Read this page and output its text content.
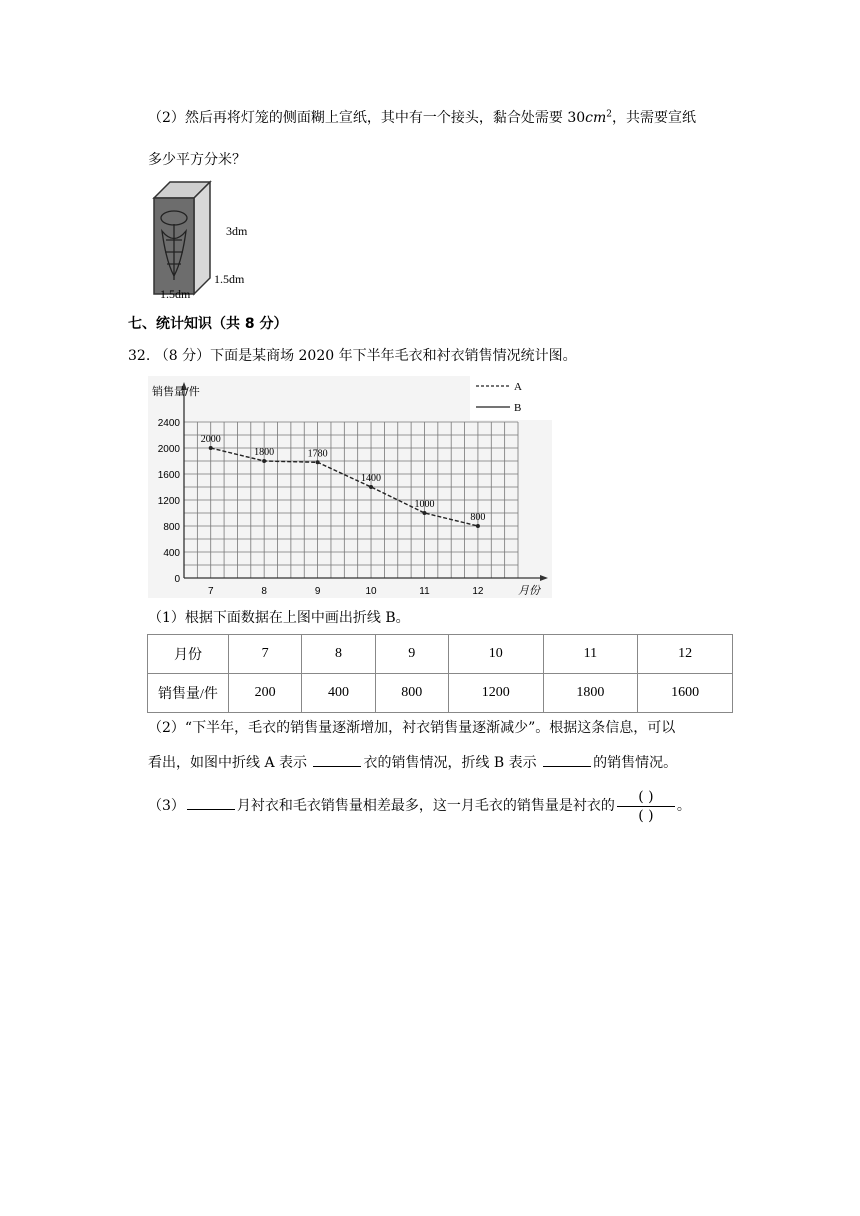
（2）然后再将灯笼的侧面糊上宣纸，其中有一个接头，黏合处需要 $30cm^2$，共需要宣纸
多少平方分米？
3dm
1.5dm
1.5dm
七、统计知识（共 8 分）
32. （8 分）下面是某商场 2020 年下半年毛衣和衬衣销售情况统计图。
0
400
800
1200
1600
2000
2400
7	8	9	10	11	12
销售量/件
月份
2000
1800	1780
1400
1000
800
A
B
（1）根据下面数据在上图中画出折线 B。
月份	7	8	9	10	11	12
销售量/件	200	400	800	1200	1800	1600
（2）“下半年，毛衣的销售量逐渐增加，衬衣销售量逐渐减少”。根据这条信息，可以
看出，如图中折线 A 表示	衣的销售情况，折线 B 表示	的销售情况。
（3）	月衬衣和毛衣销售量相差最多，这一月毛衣的销售量是衬衣的 $\frac{( )}{( )}$ 。
